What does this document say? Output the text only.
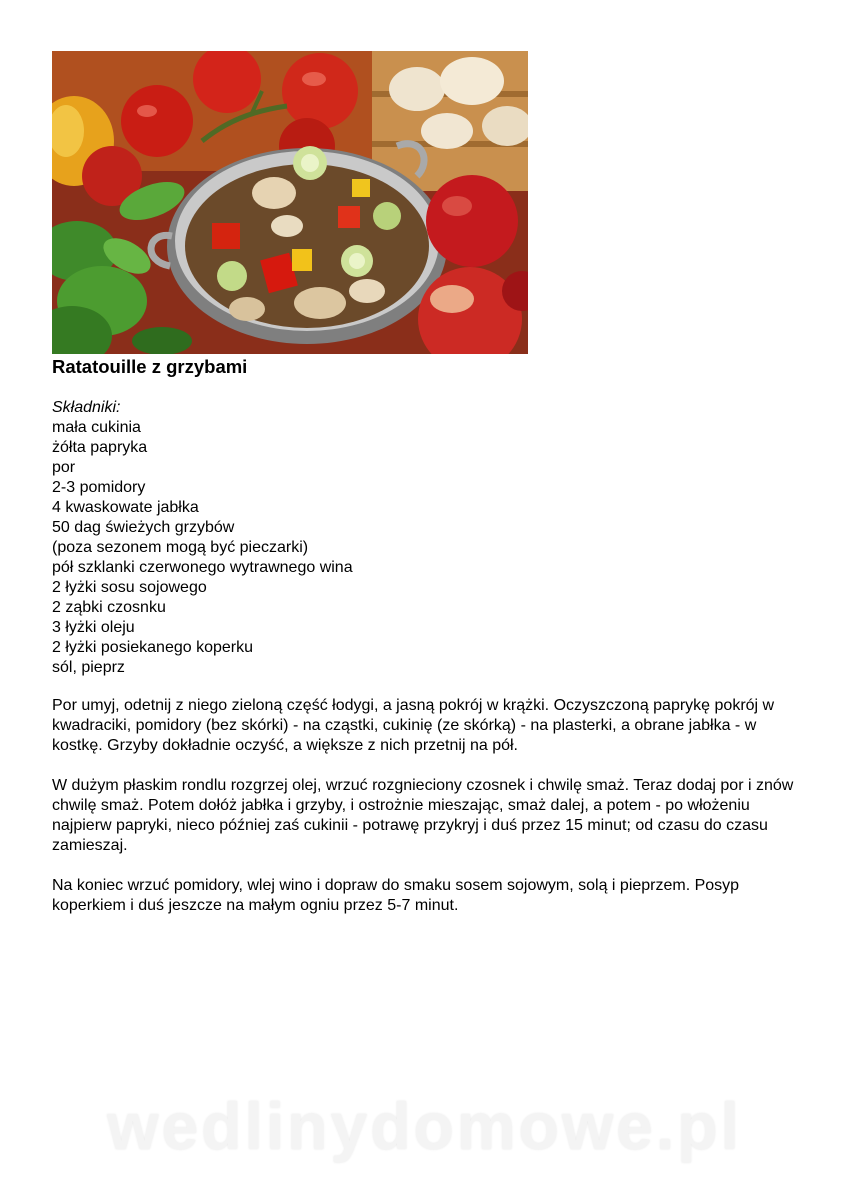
Ratatouille z grzybami

Składniki:

mała cukinia
żółta papryka
por
2-3 pomidory
4 kwaskowate jabłka
50 dag świeżych grzybów
(poza sezonem mogą być pieczarki)
pół szklanki czerwonego wytrawnego wina
2 łyżki sosu sojowego
2 ząbki czosnku
3 łyżki oleju
2 łyżki posiekanego koperku
sól, pieprz

Por umyj, odetnij z niego zieloną część łodygi, a jasną pokrój w krążki. Oczyszczoną paprykę pokrój w kwadraciki, pomidory (bez skórki) - na cząstki, cukinię (ze skórką) - na plasterki, a obrane jabłka - w kostkę. Grzyby dokładnie oczyść, a większe z nich przetnij na pół.

W dużym płaskim rondlu rozgrzej olej, wrzuć rozgnieciony czosnek i chwilę smaż. Teraz dodaj por i znów chwilę smaż. Potem dołóż jabłka i grzyby, i ostrożnie mieszając, smaż dalej, a potem - po włożeniu najpierw papryki, nieco później zaś cukinii - potrawę przykryj i duś przez 15 minut; od czasu do czasu zamieszaj.

Na koniec wrzuć pomidory, wlej wino i dopraw do smaku sosem sojowym, solą i pieprzem. Posyp koperkiem i duś jeszcze na małym ogniu przez 5-7 minut.

wedlinydomowe.pl
